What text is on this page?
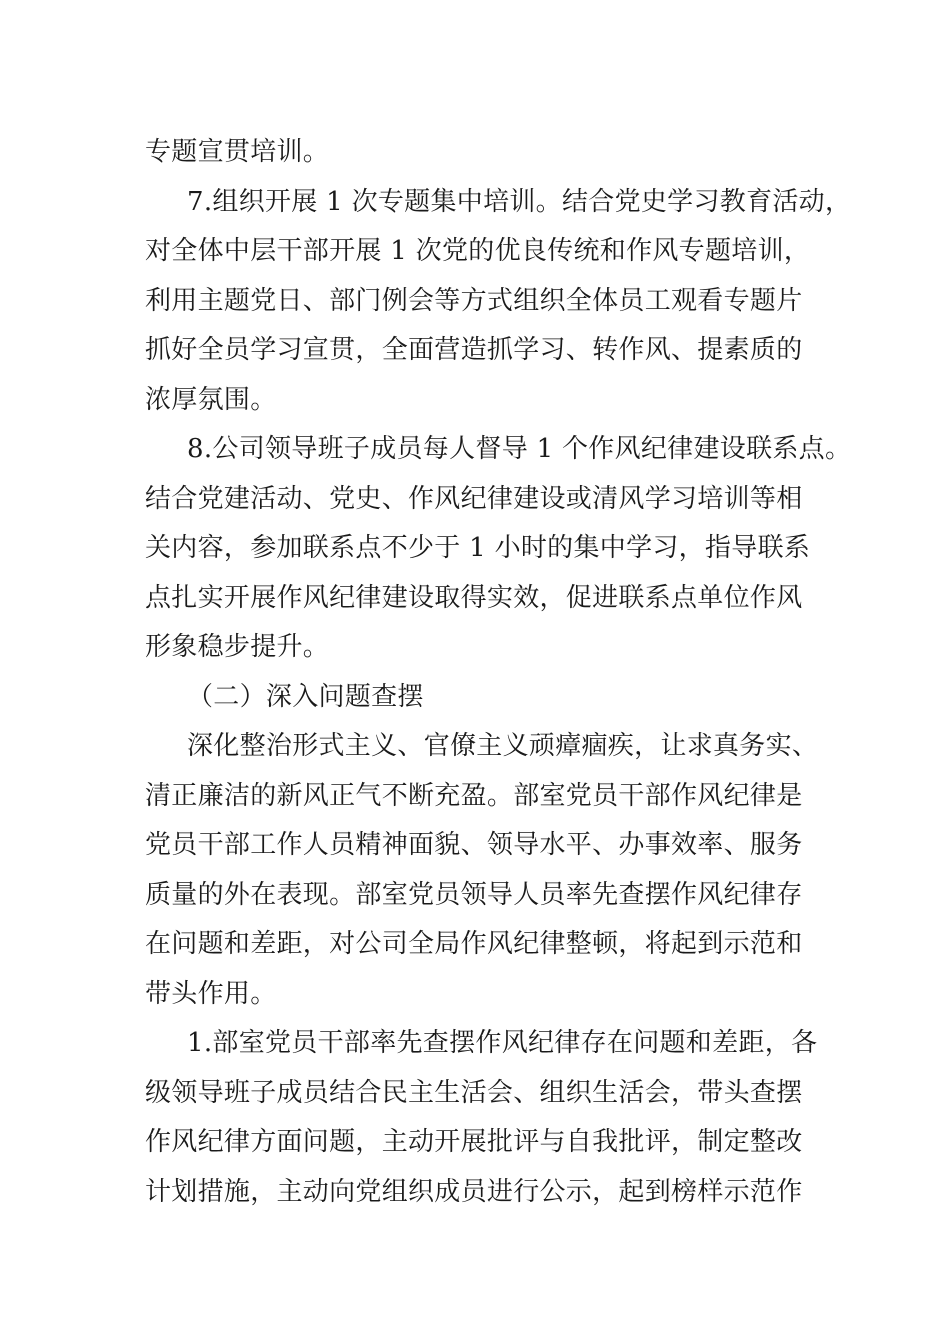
专题宣贯培训。
7.组织开展 1 次专题集中培训。结合党史学习教育活动，
对全体中层干部开展 1 次党的优良传统和作风专题培训，
利用主题党日、部门例会等方式组织全体员工观看专题片
抓好全员学习宣贯，全面营造抓学习、转作风、提素质的
浓厚氛围。
8.公司领导班子成员每人督导 1 个作风纪律建设联系点。
结合党建活动、党史、作风纪律建设或清风学习培训等相
关内容，参加联系点不少于 1 小时的集中学习，指导联系
点扎实开展作风纪律建设取得实效，促进联系点单位作风
形象稳步提升。
（二）深入问题查摆
深化整治形式主义、官僚主义顽瘴痼疾，让求真务实、
清正廉洁的新风正气不断充盈。部室党员干部作风纪律是
党员干部工作人员精神面貌、领导水平、办事效率、服务
质量的外在表现。部室党员领导人员率先查摆作风纪律存
在问题和差距，对公司全局作风纪律整顿，将起到示范和
带头作用。
1.部室党员干部率先查摆作风纪律存在问题和差距，各
级领导班子成员结合民主生活会、组织生活会，带头查摆
作风纪律方面问题，主动开展批评与自我批评，制定整改
计划措施，主动向党组织成员进行公示，起到榜样示范作
